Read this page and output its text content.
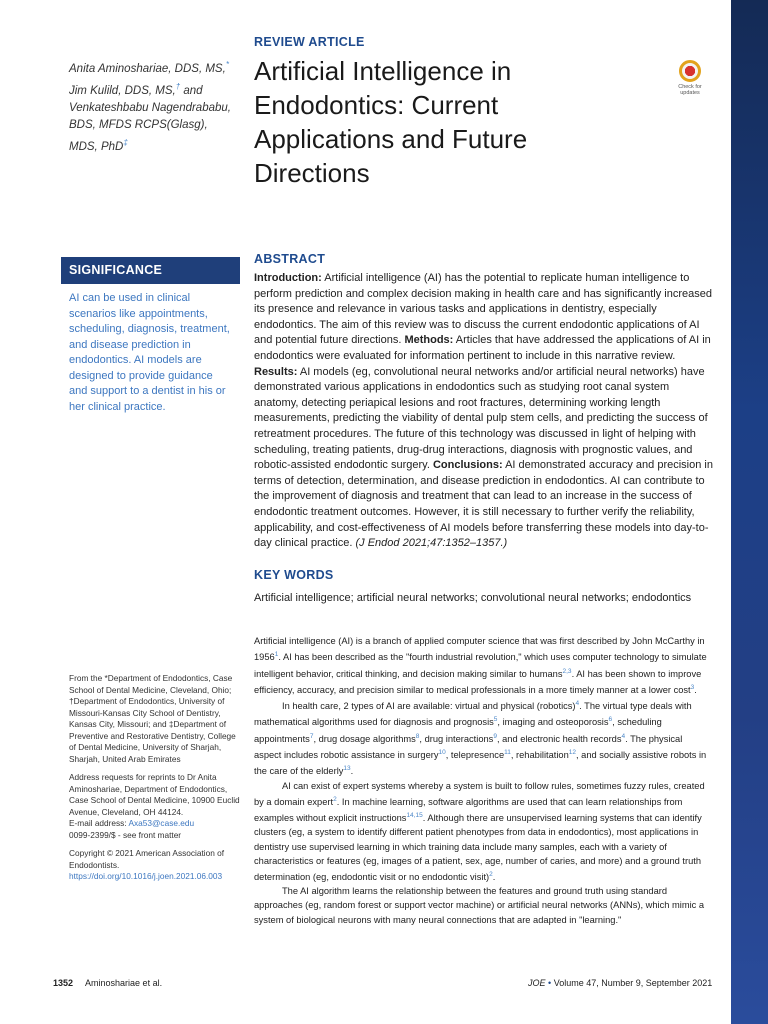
REVIEW ARTICLE
Artificial Intelligence in Endodontics: Current Applications and Future Directions
Check for updates
Anita Aminoshariae, DDS, MS,*
Jim Kulild, DDS, MS,† and
Venkateshbabu Nagendrababu, BDS, MFDS RCPS(Glasg), MDS, PhD‡
SIGNIFICANCE
AI can be used in clinical scenarios like appointments, scheduling, diagnosis, treatment, and disease prediction in endodontics. AI models are designed to provide guidance and support to a dentist in his or her clinical practice.
ABSTRACT
Introduction: Artificial intelligence (AI) has the potential to replicate human intelligence to perform prediction and complex decision making in health care and has significantly increased its presence and relevance in various tasks and applications in dentistry, especially endodontics. The aim of this review was to discuss the current endodontic applications of AI and potential future directions. Methods: Articles that have addressed the applications of AI in endodontics were evaluated for information pertinent to include in this narrative review. Results: AI models (eg, convolutional neural networks and/or artificial neural networks) have demonstrated various applications in endodontics such as studying root canal system anatomy, detecting periapical lesions and root fractures, determining working length measurements, predicting the viability of dental pulp stem cells, and predicting the success of retreatment procedures. The future of this technology was discussed in light of helping with scheduling, treating patients, drug-drug interactions, diagnosis with prognostic values, and robotic-assisted endodontic surgery. Conclusions: AI demonstrated accuracy and precision in terms of detection, determination, and disease prediction in endodontics. AI can contribute to the improvement of diagnosis and treatment that can lead to an increase in the success of endodontic treatment outcomes. However, it is still necessary to further verify the reliability, applicability, and cost-effectiveness of AI models before transferring these models into day-to-day clinical practice. (J Endod 2021;47:1352–1357.)
KEY WORDS
Artificial intelligence; artificial neural networks; convolutional neural networks; endodontics
From the *Department of Endodontics, Case School of Dental Medicine, Cleveland, Ohio; †Department of Endodontics, University of Missouri-Kansas City School of Dentistry, Kansas City, Missouri; and ‡Department of Preventive and Restorative Dentistry, College of Dental Medicine, University of Sharjah, Sharjah, United Arab Emirates
Address requests for reprints to Dr Anita Aminoshariae, Department of Endodontics, Case School of Dental Medicine, 10900 Euclid Avenue, Cleveland, OH 44124.
E-mail address: Axa53@case.edu
0099-2399/$ - see front matter
Copyright © 2021 American Association of Endodontists.
https://doi.org/10.1016/j.joen.2021.06.003

Artificial intelligence (AI) is a branch of applied computer science that was first described by John McCarthy in 1956$^1$. AI has been described as the "fourth industrial revolution," which uses computer technology to simulate intelligent behavior, critical thinking, and decision making similar to humans$^{2,3}$. AI has been shown to improve efficiency, accuracy, and precision similar to medical professionals in a more timely manner at a lower cost$^3$.

In health care, 2 types of AI are available: virtual and physical (robotics)$^4$. The virtual type deals with mathematical algorithms used for diagnosis and prognosis$^5$, imaging and osteoporosis$^6$, scheduling appointments$^7$, drug dosage algorithms$^8$, drug interactions$^9$, and electronic health records$^4$. The physical aspect includes robotic assistance in surgery$^{10}$, telepresence$^{11}$, rehabilitation$^{12}$, and socially assistive robots in the care of the elderly$^{13}$.

AI can exist of expert systems whereby a system is built to follow rules, sometimes fuzzy rules, created by a domain expert$^2$. In machine learning, software algorithms are used that can learn relationships from examples without explicit instructions$^{14,15}$. Although there are unsupervised learning systems that can identify clusters (eg, a system to identify different patient phenotypes from data in endodontics), most applications in dentistry use supervised learning in which training data include many samples, each with a variety of characteristics or features (eg, images of a patient, sex, age, number of caries, and more) and a ground truth determination (eg, endodontic visit or no endodontic visit)$^2$.

The AI algorithm learns the relationship between the features and ground truth using standard approaches (eg, random forest or support vector machine) or artificial neural networks (ANNs), which mimic a system of biological neurons with many neural connections that are adapted in "learning."

1352 Aminoshariae et al.	JOE • Volume 47, Number 9, September 2021
